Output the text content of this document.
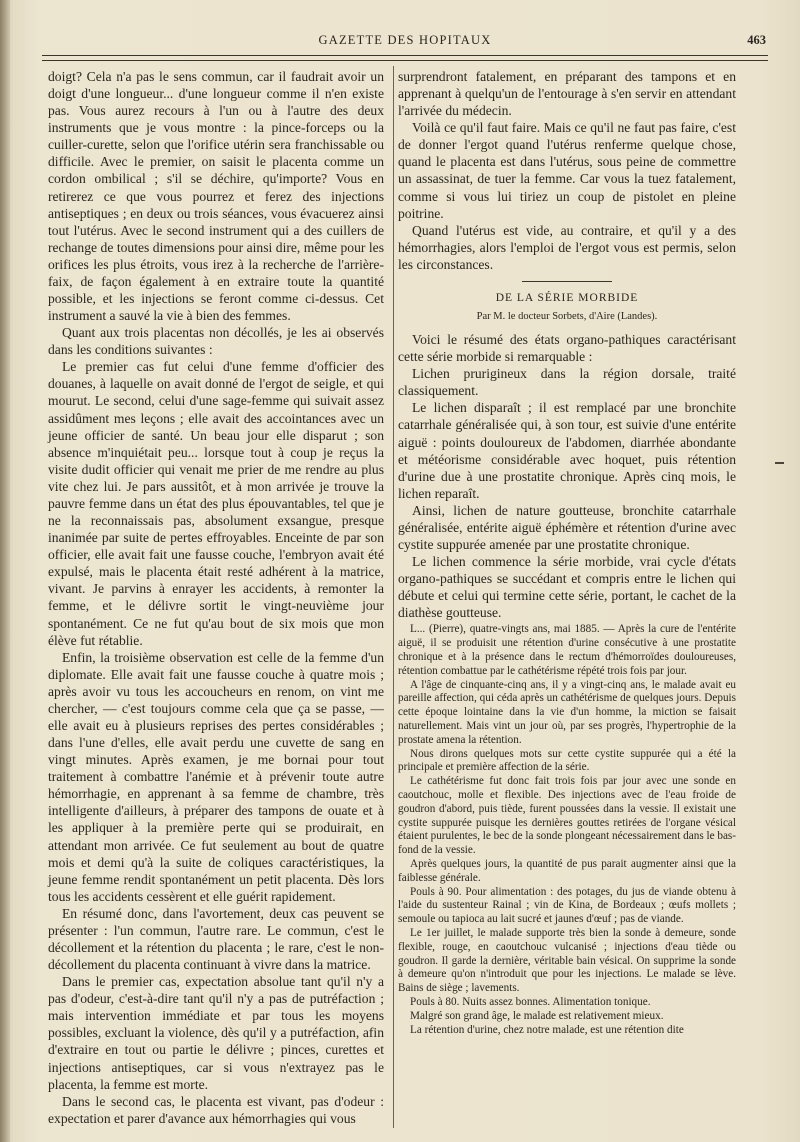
GAZETTE DES HOPITAUX	463

doigt? Cela n'a pas le sens commun, car il faudrait avoir un doigt d'une longueur... d'une longueur comme il n'en existe pas. Vous aurez recours à l'un ou à l'autre des deux instruments que je vous montre : la pince-forceps ou la cuiller-curette, selon que l'orifice utérin sera franchissable ou difficile. Avec le premier, on saisit le placenta comme un cordon ombilical ; s'il se déchire, qu'importe? Vous en retirerez ce que vous pourrez et ferez des injections antiseptiques ; en deux ou trois séances, vous évacuerez ainsi tout l'utérus. Avec le second instrument qui a des cuillers de rechange de toutes dimensions pour ainsi dire, même pour les orifices les plus étroits, vous irez à la recherche de l'arrière-faix, de façon également à en extraire toute la quantité possible, et les injections se feront comme ci-dessus. Cet instrument a sauvé la vie à bien des femmes.

Quant aux trois placentas non décollés, je les ai observés dans les conditions suivantes :

Le premier cas fut celui d'une femme d'officier des douanes, à laquelle on avait donné de l'ergot de seigle, et qui mourut. Le second, celui d'une sage-femme qui suivait assez assidûment mes leçons ; elle avait des accointances avec un jeune officier de santé. Un beau jour elle disparut ; son absence m'inquiétait peu... lorsque tout à coup je reçus la visite dudit officier qui venait me prier de me rendre au plus vite chez lui. Je pars aussitôt, et à mon arrivée je trouve la pauvre femme dans un état des plus épouvantables, tel que je ne la reconnaissais pas, absolument exsangue, presque inanimée par suite de pertes effroyables. Enceinte de par son officier, elle avait fait une fausse couche, l'embryon avait été expulsé, mais le placenta était resté adhérent à la matrice, vivant. Je parvins à enrayer les accidents, à remonter la femme, et le délivre sortit le vingt-neuvième jour spontanément. Ce ne fut qu'au bout de six mois que mon élève fut rétablie.

Enfin, la troisième observation est celle de la femme d'un diplomate. Elle avait fait une fausse couche à quatre mois ; après avoir vu tous les accoucheurs en renom, on vint me chercher, — c'est toujours comme cela que ça se passe, — elle avait eu à plusieurs reprises des pertes considérables ; dans l'une d'elles, elle avait perdu une cuvette de sang en vingt minutes. Après examen, je me bornai pour tout traitement à combattre l'anémie et à prévenir toute autre hémorrhagie, en apprenant à sa femme de chambre, très intelligente d'ailleurs, à préparer des tampons de ouate et à les appliquer à la première perte qui se produirait, en attendant mon arrivée. Ce fut seulement au bout de quatre mois et demi qu'à la suite de coliques caractéristiques, la jeune femme rendit spontanément un petit placenta. Dès lors tous les accidents cessèrent et elle guérit rapidement.

En résumé donc, dans l'avortement, deux cas peuvent se présenter : l'un commun, l'autre rare. Le commun, c'est le décollement et la rétention du placenta ; le rare, c'est le non-décollement du placenta continuant à vivre dans la matrice.

Dans le premier cas, expectation absolue tant qu'il n'y a pas d'odeur, c'est-à-dire tant qu'il n'y a pas de putréfaction ; mais intervention immédiate et par tous les moyens possibles, excluant la violence, dès qu'il y a putréfaction, afin d'extraire en tout ou partie le délivre ; pinces, curettes et injections antiseptiques, car si vous n'extrayez pas le placenta, la femme est morte.

Dans le second cas, le placenta est vivant, pas d'odeur : expectation et parer d'avance aux hémorrhagies qui vous

surprendront fatalement, en préparant des tampons et en apprenant à quelqu'un de l'entourage à s'en servir en attendant l'arrivée du médecin.

Voilà ce qu'il faut faire. Mais ce qu'il ne faut pas faire, c'est de donner l'ergot quand l'utérus renferme quelque chose, quand le placenta est dans l'utérus, sous peine de commettre un assassinat, de tuer la femme. Car vous la tuez fatalement, comme si vous lui tiriez un coup de pistolet en pleine poitrine.

Quand l'utérus est vide, au contraire, et qu'il y a des hémorrhagies, alors l'emploi de l'ergot vous est permis, selon les circonstances.

DE LA SÉRIE MORBIDE
Par M. le docteur Sorbets, d'Aire (Landes).

Voici le résumé des états organo-pathiques caractérisant cette série morbide si remarquable :

Lichen prurigineux dans la région dorsale, traité classiquement.

Le lichen disparaît ; il est remplacé par une bronchite catarrhale généralisée qui, à son tour, est suivie d'une entérite aiguë : points douloureux de l'abdomen, diarrhée abondante et météorisme considérable avec hoquet, puis rétention d'urine due à une prostatite chronique. Après cinq mois, le lichen reparaît.

Ainsi, lichen de nature goutteuse, bronchite catarrhale généralisée, entérite aiguë éphémère et rétention d'urine avec cystite suppurée amenée par une prostatite chronique.

Le lichen commence la série morbide, vrai cycle d'états organo-pathiques se succédant et compris entre le lichen qui débute et celui qui termine cette série, portant, le cachet de la diathèse goutteuse.

L... (Pierre), quatre-vingts ans, mai 1885. — Après la cure de l'entérite aiguë, il se produisit une rétention d'urine consécutive à une prostatite chronique et à la présence dans le rectum d'hémorroïdes douloureuses, rétention combattue par le cathétérisme répété trois fois par jour.

A l'âge de cinquante-cinq ans, il y a vingt-cinq ans, le malade avait eu pareille affection, qui céda après un cathétérisme de quelques jours. Depuis cette époque lointaine dans la vie d'un homme, la miction se faisait naturellement. Mais vint un jour où, par ses progrès, l'hypertrophie de la prostate amena la rétention.

Nous dirons quelques mots sur cette cystite suppurée qui a été la principale et première affection de la série.

Le cathétérisme fut donc fait trois fois par jour avec une sonde en caoutchouc, molle et flexible. Des injections avec de l'eau froide de goudron d'abord, puis tiède, furent poussées dans la vessie. Il existait une cystite suppurée puisque les dernières gouttes retirées de l'organe vésical étaient purulentes, le bec de la sonde plongeant nécessairement dans le bas-fond de la vessie.

Après quelques jours, la quantité de pus parait augmenter ainsi que la faiblesse générale.

Pouls à 90. Pour alimentation : des potages, du jus de viande obtenu à l'aide du sustenteur Rainal ; vin de Kina, de Bordeaux ; œufs mollets ; semoule ou tapioca au lait sucré et jaunes d'œuf ; pas de viande.

Le 1er juillet, le malade supporte très bien la sonde à demeure, sonde flexible, rouge, en caoutchouc vulcanisé ; injections d'eau tiède ou goudron. Il garde la dernière, véritable bain vésical. On supprime la sonde à demeure qu'on n'introduit que pour les injections. Le malade se lève. Bains de siège ; lavements.

Pouls à 80. Nuits assez bonnes. Alimentation tonique.

Malgré son grand âge, le malade est relativement mieux.

La rétention d'urine, chez notre malade, est une rétention dite
